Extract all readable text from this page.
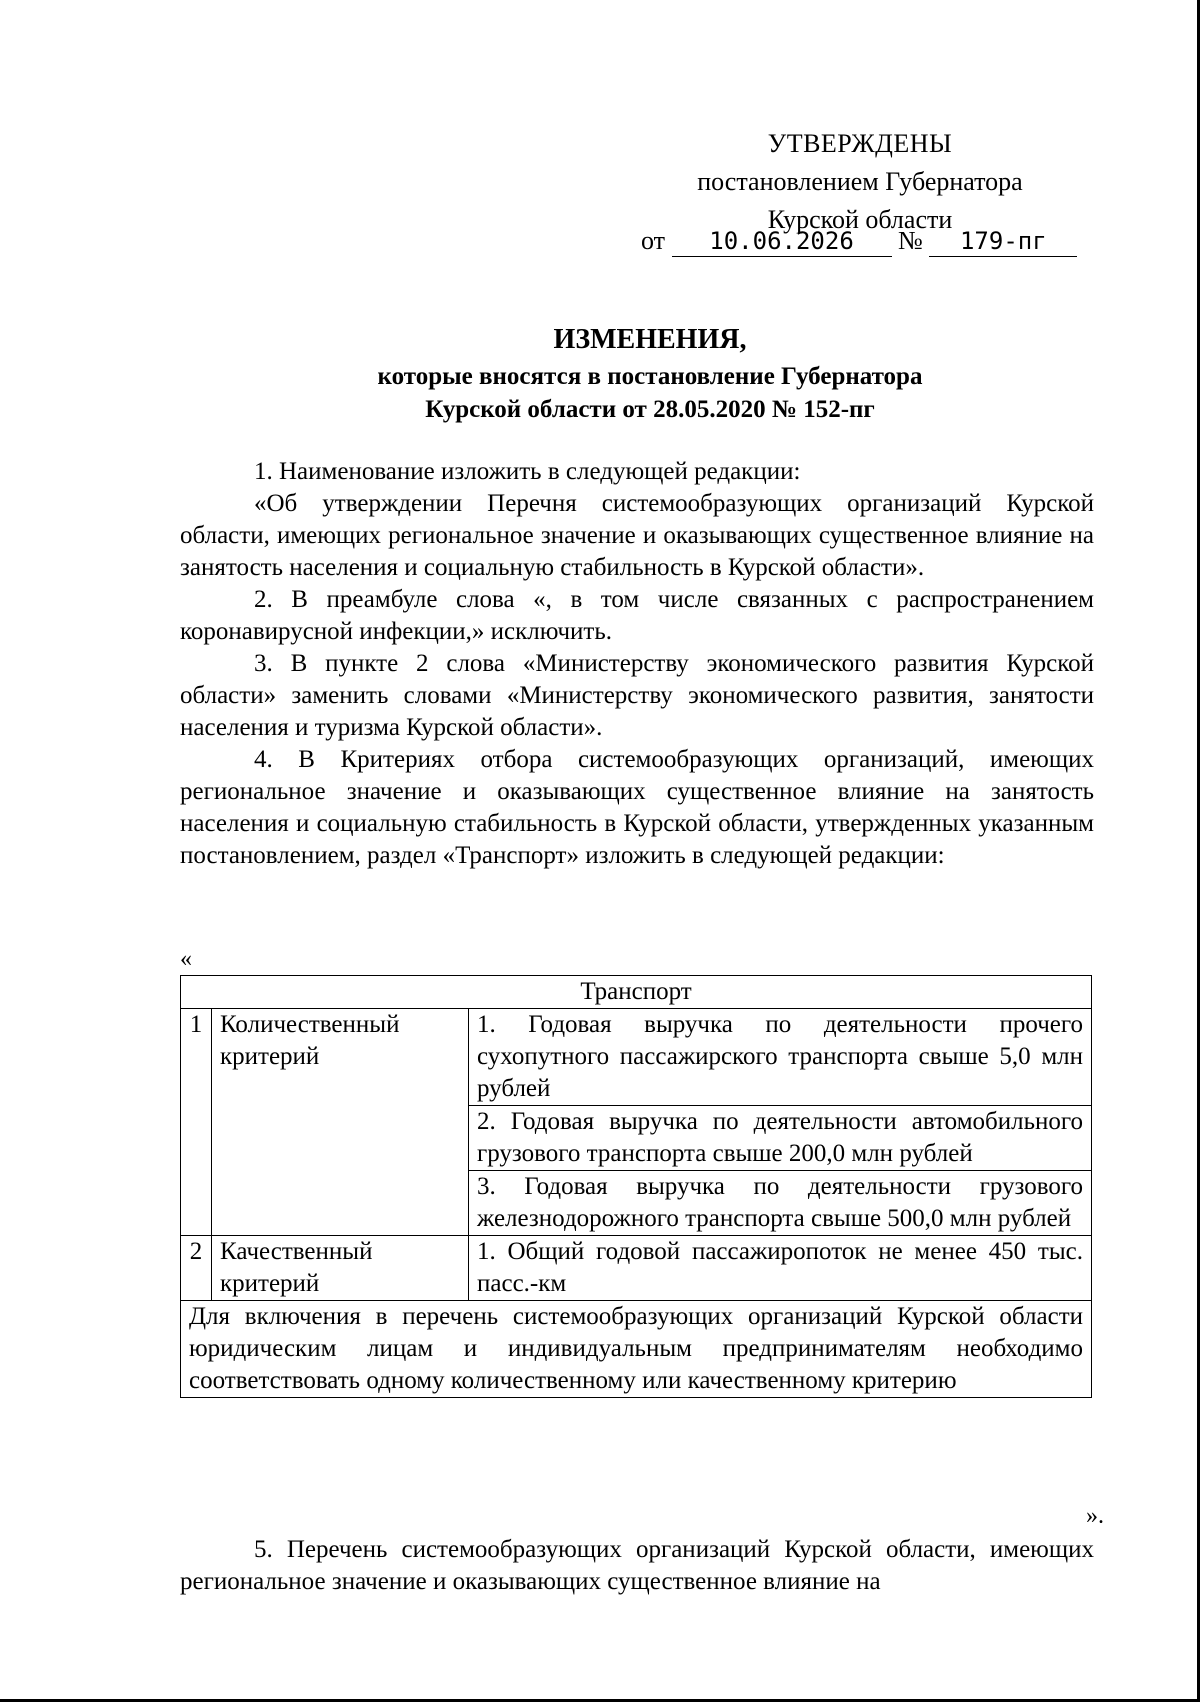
УТВЕРЖДЕНЫ
постановлением Губернатора
Курской области
от 10.06.2026 № 179-пг
ИЗМЕНЕНИЯ,
которые вносятся в постановление Губернатора
Курской области от 28.05.2020 № 152-пг

1. Наименование изложить в следующей редакции:

«Об утверждении Перечня системообразующих организаций Курской области, имеющих региональное значение и оказывающих существенное влияние на занятость населения и социальную стабильность в Курской области».

2. В преамбуле слова «, в том числе связанных с распространением коронавирусной инфекции,» исключить.

3. В пункте 2 слова «Министерству экономического развития Курской области» заменить словами «Министерству экономического развития, занятости населения и туризма Курской области».

4. В Критериях отбора системообразующих организаций, имеющих региональное значение и оказывающих существенное влияние на занятость населения и социальную стабильность в Курской области, утвержденных указанным постановлением, раздел «Транспорт» изложить в следующей редакции:

«
Транспорт		
1	Количественный критерий	1. Годовая выручка по деятельности прочего сухопутного пассажирского транспорта свыше 5,0 млн рублей
		2. Годовая выручка по деятельности автомобильного грузового транспорта свыше 200,0 млн рублей
		3. Годовая выручка по деятельности грузового железнодорожного транспорта свыше 500,0 млн рублей
2	Качественный критерий	1. Общий годовой пассажиропоток не менее 450 тыс. пасс.-км
Для включения в перечень системообразующих организаций Курской области юридическим лицам и индивидуальным предпринимателям необходимо соответствовать одному количественному или качественному критерию		
».

5. Перечень системообразующих организаций Курской области, имеющих региональное значение и оказывающих существенное влияние на
